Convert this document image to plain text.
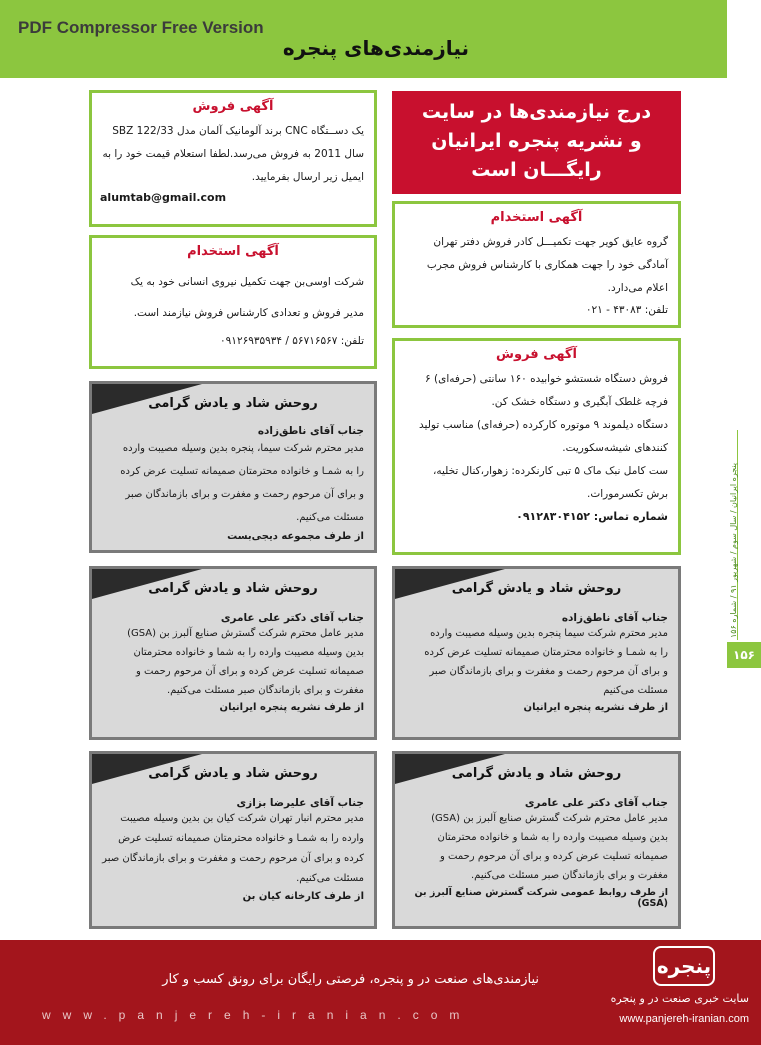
PDF Compressor Free Version
نیازمندی‌های پنجره
پنجره ایرانیان / سال سوم / شهریور ۹۱ / شماره ۱۵۶
۱۵۶
درج نیازمندی‌ها در سایت
و نشریه پنجره ایرانیان
رایگـــان است
آگهی فروش
یک دســتگاه CNC برند آلومانیک آلمان مدل SBZ 122/33
سال 2011 به فروش می‌رسد.لطفا استعلام قیمت خود را به
ایمیل زیر ارسال بفرمایید.
alumtab@gmail.com
آگهی استخدام
گروه عایق کویر جهت تکمیـــل کادر فروش دفتر تهران
آمادگی خود را جهت همکاری با کارشناس فروش مجرب
اعلام می‌دارد.
تلفن: ۴۳۰۸۳ - ۰۲۱
آگهی استخدام
شرکت اوسی‌بن جهت تکمیل نیروی انسانی خود به یک
مدیر فروش و تعدادی کارشناس فروش نیازمند است.
تلفن: ۵۶۷۱۶۵۶۷ / ۰۹۱۲۶۹۳۵۹۳۴
آگهی فروش
فروش دستگاه شستشو خوابیده ۱۶۰ سانتی (حرفه‌ای) ۶
فرچه غلطک آبگیری و دستگاه خشک کن.
دستگاه دیلموند ۹ موتوره کارکرده (حرفه‌ای) مناسب تولید
کنندهای شیشه‌سکوریت.
ست کامل نبک ماک ۵ تبی کارنکرده: زهوار،کنال تخلیه،
برش تکسرمورات.
شماره تماس: ۰۹۱۲۸۳۰۴۱۵۲
روحش شاد و یادش گرامی
جناب آقای ناطق‌زاده
مدیر محترم شرکت سیما، پنجره بدین وسیله مصیبت وارده
را به شمـا و خانواده محترمتان صمیمانه تسلیت عرض کرده
و برای آن مرحوم رحمت و مغفرت و برای بازماندگان صبر
مسئلت می‌کنیم.
از طرف مجموعه دیجی‌بست
روحش شاد و یادش گرامی
جناب آقای دکتر علی عامری
مدیر عامل محترم شرکت گسترش صنایع آلبرز بن (GSA)
بدین وسیله مصیبت وارده را به شما و خانواده محترمتان
صمیمانه تسلیت عرض کرده و برای آن مرحوم رحمت و
مغفرت و برای بازماندگان صبر مسئلت می‌کنیم.
از طرف نشریه پنجره ایرانیان
روحش شاد و یادش گرامی
جناب آقای ناطق‌زاده
مدیر محترم شرکت سیما پنجره بدین وسیله مصیبت وارده
را به شمـا و خانواده محترمتان صمیمانه تسلیت عرض کرده
و برای آن مرحوم رحمت و مغفرت و برای بازماندگان صبر
مسئلت می‌کنیم
از طرف نشریه پنجره ایرانیان
روحش شاد و یادش گرامی
جناب آقای علیرضا بزازی
مدیر محترم انبار تهران شرکت کیان بن بدین وسیله مصیبت
وارده را به شمـا و خانواده محترمتان صمیمانه تسلیت عرض
کرده و برای آن مرحوم رحمت و مغفرت و برای بازماندگان صبر
مسئلت می‌کنیم.
از طرف کارخانه کیان بن
روحش شاد و یادش گرامی
جناب آقای دکتر علی عامری
مدیر عامل محترم شرکت گسترش صنایع آلبرز بن (GSA)
بدین وسیله مصیبت وارده را به شما و خانواده محترمتان
صمیمانه تسلیت عرض کرده و برای آن مرحوم رحمت و
مغفرت و برای بازماندگان صبر مسئلت می‌کنیم.
از طرف روابط عمومی شرکت گسترش صنایع آلبرز بن (GSA)
نیازمندی‌های صنعت در و پنجره، فرصتی رایگان برای رونق کسب و کار
www.panjereh-iranian.com
پنجره
سایت خبری صنعت در و پنجره
www.panjereh-iranian.com
